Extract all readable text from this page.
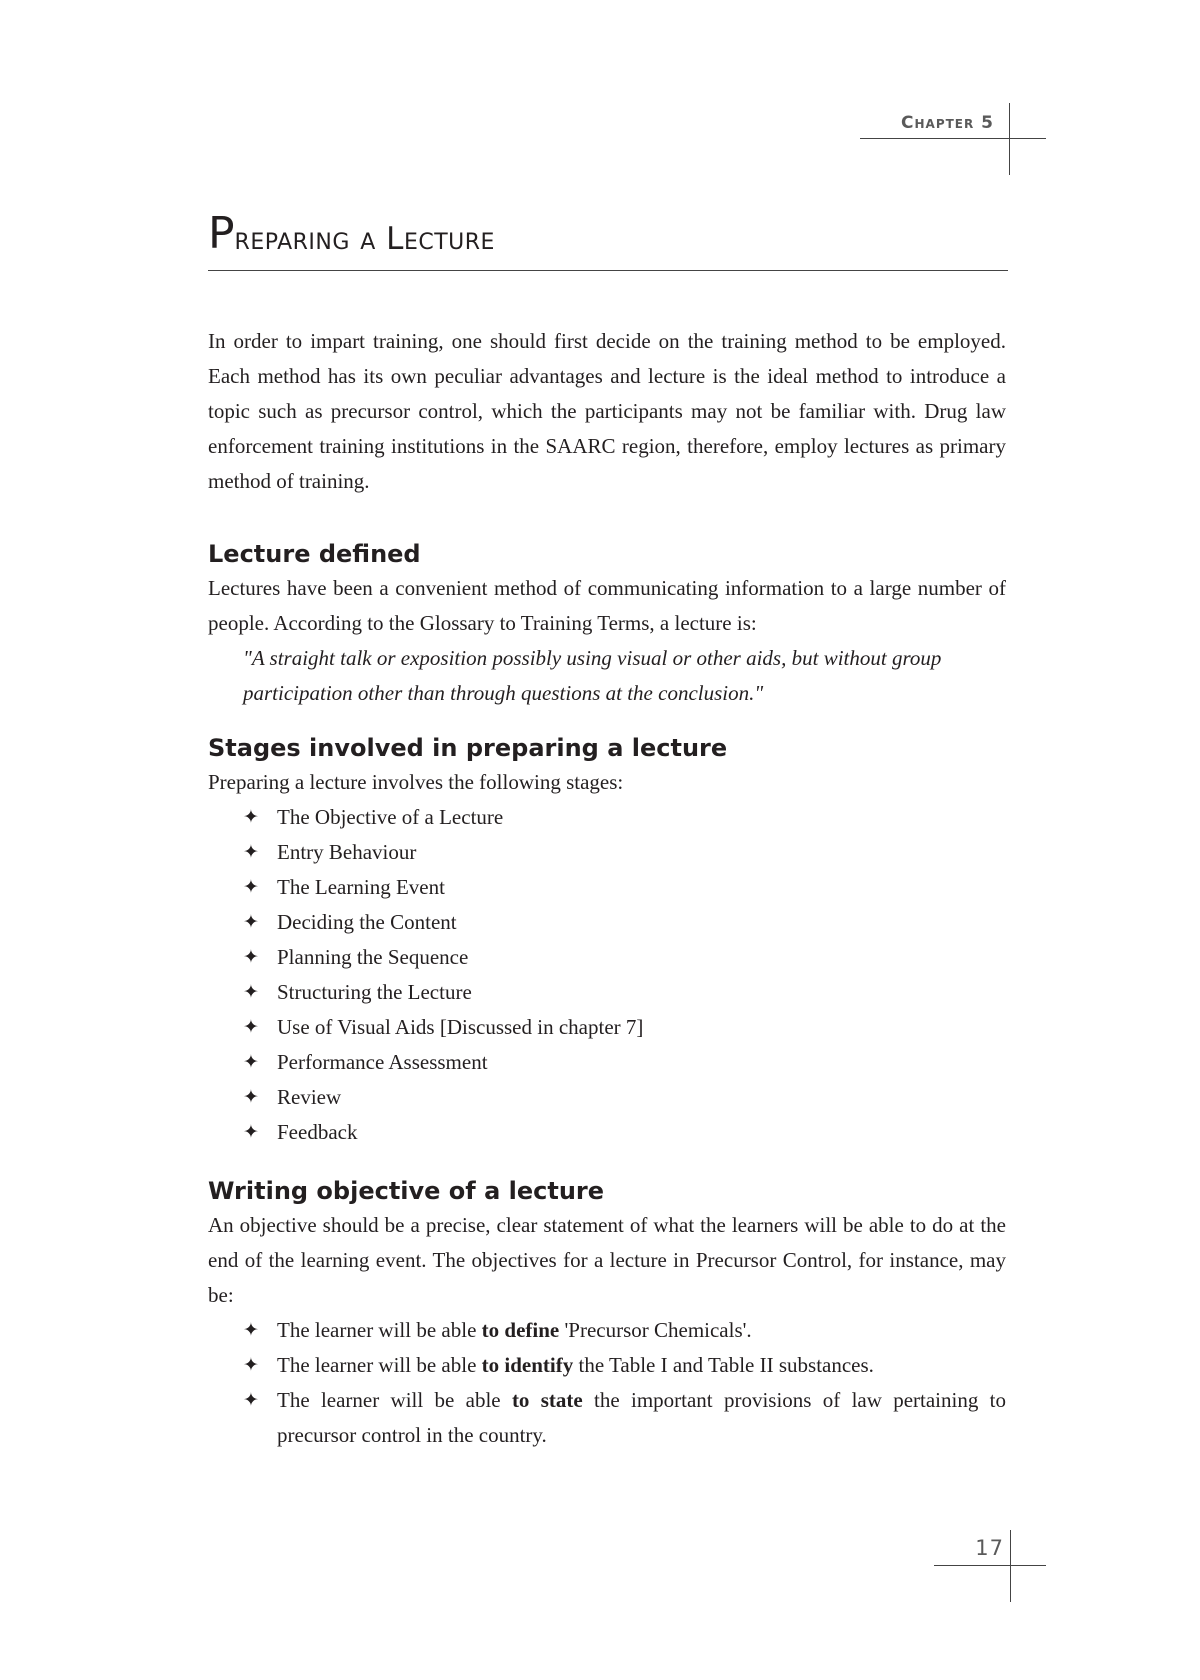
Chapter 5
Preparing a Lecture

In order to impart training, one should first decide on the training method to be employed. Each method has its own peculiar advantages and lecture is the ideal method to introduce a topic such as precursor control, which the participants may not be familiar with. Drug law enforcement training institutions in the SAARC region, therefore, employ lectures as primary method of training.

Lecture defined

Lectures have been a convenient method of communicating information to a large number of people. According to the Glossary to Training Terms, a lecture is:

"A straight talk or exposition possibly using visual or other aids, but without group participation other than through questions at the conclusion."

Stages involved in preparing a lecture

Preparing a lecture involves the following stages:

✦ The Objective of a Lecture
✦ Entry Behaviour
✦ The Learning Event
✦ Deciding the Content
✦ Planning the Sequence
✦ Structuring the Lecture
✦ Use of Visual Aids [Discussed in chapter 7]
✦ Performance Assessment
✦ Review
✦ Feedback
Writing objective of a lecture

An objective should be a precise, clear statement of what the learners will be able to do at the end of the learning event. The objectives for a lecture in Precursor Control, for instance, may be:

✦ The learner will be able to define 'Precursor Chemicals'.
✦ The learner will be able to identify the Table I and Table II substances.
✦ The learner will be able to state the important provisions of law pertaining to precursor control in the country.
17
